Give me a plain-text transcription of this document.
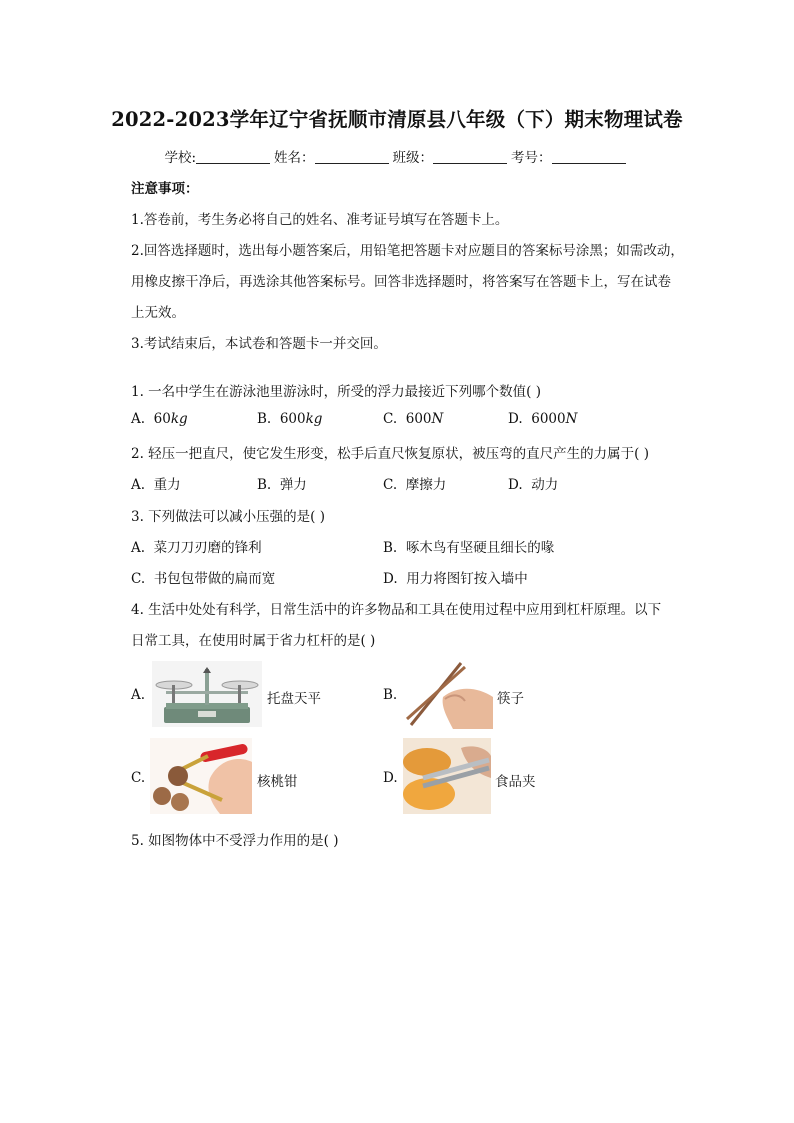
2022-2023学年辽宁省抚顺市清原县八年级（下）期末物理试卷
学校:	姓名：	班级：	考号：
注意事项：
1.答卷前，考生务必将自己的姓名、准考证号填写在答题卡上。
2.回答选择题时，选出每小题答案后，用铅笔把答题卡对应题目的答案标号涂黑；如需改动，
用橡皮擦干净后，再选涂其他答案标号。回答非选择题时，将答案写在答题卡上，写在试卷
上无效。
3.考试结束后，本试卷和答题卡一并交回。
1. 一名中学生在游泳池里游泳时，所受的浮力最接近下列哪个数值( )
A. 60kg	B. 600kg	C. 600N	D. 6000N
2. 轻压一把直尺，使它发生形变，松手后直尺恢复原状，被压弯的直尺产生的力属于( )
A. 重力	B. 弹力	C. 摩擦力	D. 动力
3. 下列做法可以减小压强的是( )
A. 菜刀刀刃磨的锋利	B. 啄木鸟有坚硬且细长的喙
C. 书包包带做的扁而宽	D. 用力将图钉按入墙中
4. 生活中处处有科学，日常生活中的许多物品和工具在使用过程中应用到杠杆原理。以下
日常工具，在使用时属于省力杠杆的是( )
A.	托盘天平	B.	筷子
C.	核桃钳	D.	食品夹
5. 如图物体中不受浮力作用的是( )
